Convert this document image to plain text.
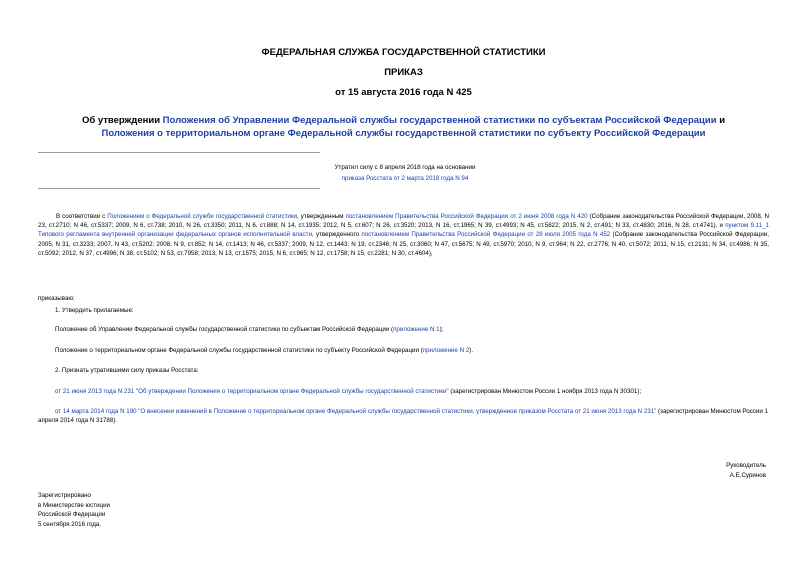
ФЕДЕРАЛЬНАЯ СЛУЖБА ГОСУДАРСТВЕННОЙ СТАТИСТИКИ
ПРИКАЗ
от 15 августа 2016 года N 425
Об утверждении Положения об Управлении Федеральной службы государственной статистики по субъектам Российской Федерации и Положения о территориальном органе Федеральной службы государственной статистики по субъекту Российской Федерации
Утратил силу с 8 апреля 2018 года на основании
приказа Росстата от 2 марта 2018 года N 94
В соответствии с Положением о Федеральной службе государственной статистики, утвержденным постановлением Правительства Российской Федерации от 2 июня 2008 года N 420 (Собрание законодательства Российской Федерации, 2008, N 23, ст.2710; N 46, ст.5337; 2009, N 6, ст.738; 2010, N 26, ст.3350; 2011, N 6, ст.888; N 14, ст.1935; 2012, N 5, ст.607; N 26, ст.3520; 2013, N 16, ст.1965; N 39, ст.4993; N 45, ст.5822; 2015, N 2, ст.491; N 33, ст.4830; 2016, N 28, ст.4741), и пунктом 9.11_1 Типового регламента внутренней организации федеральных органов исполнительной власти, утвержденного постановлением Правительства Российской Федерации от 28 июля 2005 года N 452 (Собрание законодательства Российской Федерации, 2005, N 31, ст.3233; 2007, N 43, ст.5202; 2008, N 9, ст.852; N 14, ст.1413; N 46, ст.5337; 2009, N 12, ст.1443; N 19, ст.2346; N 25, ст.3060; N 47, ст.5675; N 49, ст.5970; 2010, N 9, ст.964; N 22, ст.2776; N 40, ст.5072; 2011, N 15, ст.2131; N 34, ст.4986; N 35, ст.5092; 2012, N 37, ст.4996; N 38, ст.5102; N 53, ст.7958; 2013, N 13, ст.1575; 2015, N 6, ст.965; N 12, ст.1758; N 15, ст.2281; N 30, ст.4604),
приказываю:
1. Утвердить прилагаемые:
Положение об Управлении Федеральной службы государственной статистики по субъектам Российской Федерации (приложение N 1);
Положение о территориальном органе Федеральной службы государственной статистики по субъекту Российской Федерации (приложение N 2).
2. Признать утратившими силу приказы Росстата:
от 21 июня 2013 года N 231 "Об утверждении Положения о территориальном органе Федеральной службы государственной статистики" (зарегистрирован Минюстом России 1 ноября 2013 года N 30301);
от 14 марта 2014 года N 190 "О внесении изменений в Положение о территориальном органе Федеральной службы государственной статистики, утвержденное приказом Росстата от 21 июня 2013 года N 231" (зарегистрирован Минюстом России 1 апреля 2014 года N 31788).
Руководитель
А.Е.Суринов
Зарегистрировано
в Министерстве юстиции
Российской Федерации
5 сентября 2016 года,
